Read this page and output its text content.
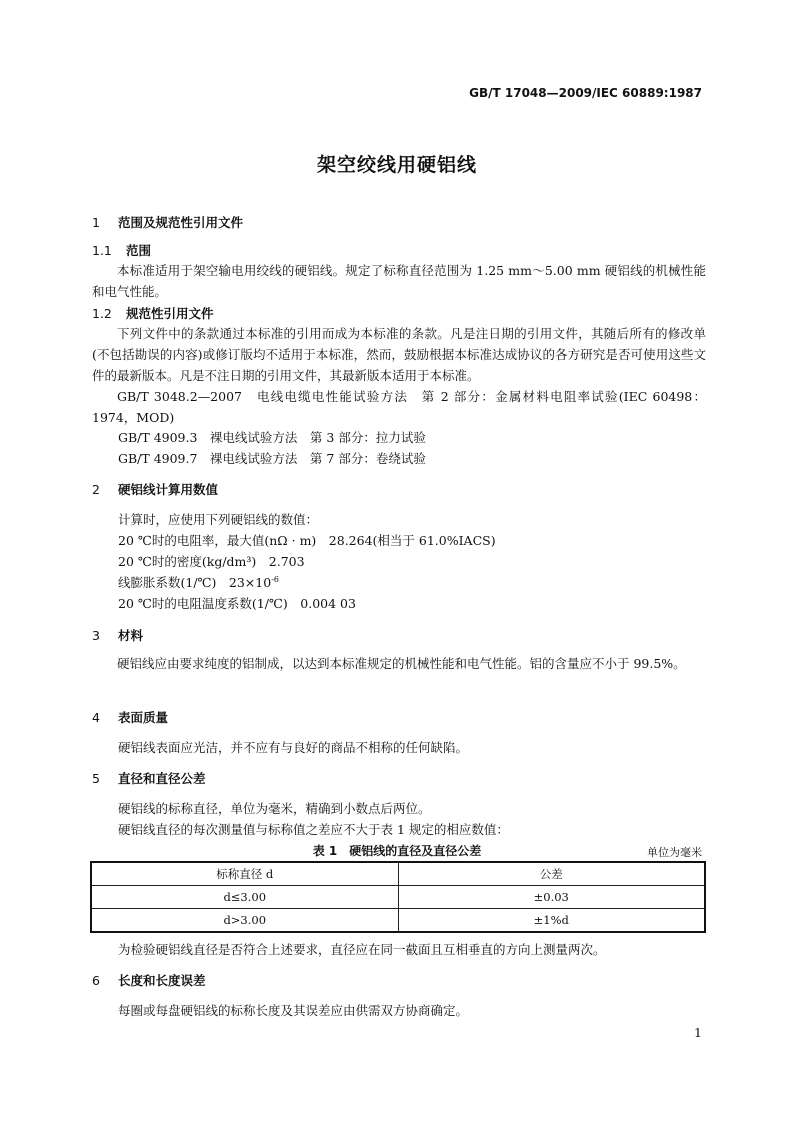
GB/T 17048—2009/IEC 60889:1987
架空绞线用硬铝线
1 范围及规范性引用文件
1.1 范围

本标准适用于架空输电用绞线的硬铝线。规定了标称直径范围为 1.25 mm～5.00 mm 硬铝线的机械性能和电气性能。

1.2 规范性引用文件

下列文件中的条款通过本标准的引用而成为本标准的条款。凡是注日期的引用文件，其随后所有的修改单(不包括勘误的内容)或修订版均不适用于本标准，然而，鼓励根据本标准达成协议的各方研究是否可使用这些文件的最新版本。凡是不注日期的引用文件，其最新版本适用于本标准。

GB/T 3048.2—2007　电线电缆电性能试验方法　第 2 部分：金属材料电阻率试验(IEC 60498：1974，MOD)

GB/T 4909.3　裸电线试验方法　第 3 部分：拉力试验
GB/T 4909.7　裸电线试验方法　第 7 部分：卷绕试验
2 硬铝线计算用数值
计算时，应使用下列硬铝线的数值：
20 ℃时的电阻率，最大值(nΩ · m)　28.264(相当于 61.0%IACS)
20 ℃时的密度(kg/dm³)　2.703
线膨胀系数(1/℃)　$23\times 10^{-6}$
20 ℃时的电阻温度系数(1/℃)　0.004 03
3 材料

硬铝线应由要求纯度的铝制成，以达到本标准规定的机械性能和电气性能。铝的含量应不小于 99.5%。

4 表面质量
硬铝线表面应光洁，并不应有与良好的商品不相称的任何缺陷。
5 直径和直径公差
硬铝线的标称直径，单位为毫米，精确到小数点后两位。
硬铝线直径的每次测量值与标称值之差应不大于表 1 规定的相应数值：
表 1　硬铝线的直径及直径公差	单位为毫米
标称直径 d	公差
d≤3.00	±0.03
d>3.00	±1%d
为检验硬铝线直径是否符合上述要求，直径应在同一截面且互相垂直的方向上测量两次。
6 长度和长度误差
每圈或每盘硬铝线的标称长度及其误差应由供需双方协商确定。
1
